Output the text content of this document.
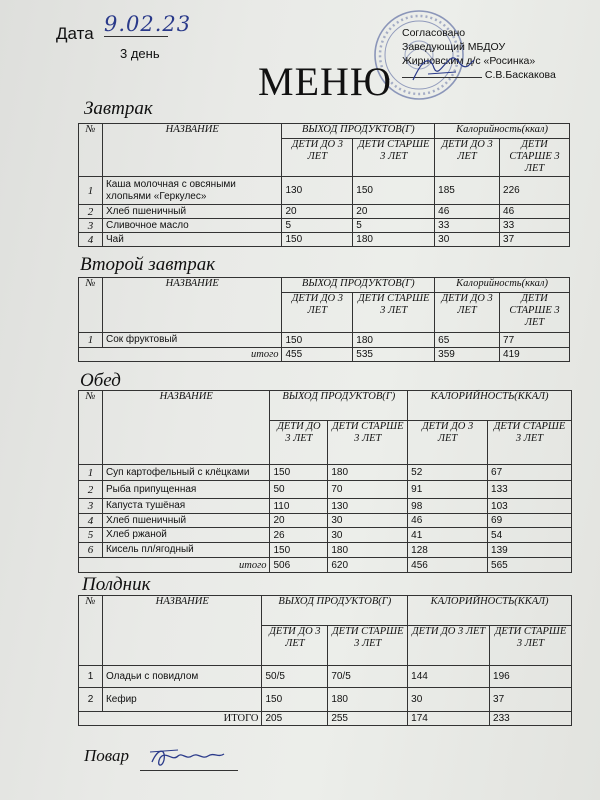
Дата 9.02.23
3 день
Согласовано
Заведующий МБДОУ
Жирновским д/с «Росинка»
С.В.Баскакова
МЕНЮ
Завтрак
№	НАЗВАНИЕ	ВЫХОД ПРОДУКТОВ(Г)		Калорийность(ккал)	
		ДЕТИ ДО 3 ЛЕТ	ДЕТИ СТАРШЕ 3 ЛЕТ	ДЕТИ ДО 3 ЛЕТ	ДЕТИ СТАРШЕ 3 ЛЕТ
1	Каша молочная с овсяными хлопьями «Геркулес»	130	150	185	226
2	Хлеб пшеничный	20	20	46	46
3	Сливочное масло	5	5	33	33
4	Чай	150	180	30	37
Второй завтрак
№	НАЗВАНИЕ	ВЫХОД ПРОДУКТОВ(Г)		Калорийность(ккал)	
		ДЕТИ ДО 3 ЛЕТ	ДЕТИ СТАРШЕ 3 ЛЕТ	ДЕТИ ДО 3 ЛЕТ	ДЕТИ СТАРШЕ 3 ЛЕТ
1	Сок фруктовый	150	180	65	77
итого		455	535	359	419
Обед
№	НАЗВАНИЕ	ВЫХОД ПРОДУКТОВ(Г)		КАЛОРИЙНОСТЬ(ККАЛ)	
		ДЕТИ ДО 3 ЛЕТ	ДЕТИ СТАРШЕ 3 ЛЕТ	ДЕТИ ДО 3 ЛЕТ	ДЕТИ СТАРШЕ 3 ЛЕТ
1	Суп картофельный с клёцками	150	180	52	67
2	Рыба припущенная	50	70	91	133
3	Капуста тушёная	110	130	98	103
4	Хлеб пшеничный	20	30	46	69
5	Хлеб ржаной	26	30	41	54
6	Кисель пл/ягодный	150	180	128	139
итого		506	620	456	565
Полдник
№	НАЗВАНИЕ	ВЫХОД ПРОДУКТОВ(Г)		КАЛОРИЙНОСТЬ(ККАЛ)	
		ДЕТИ ДО 3 ЛЕТ	ДЕТИ СТАРШЕ 3 ЛЕТ	ДЕТИ ДО 3 ЛЕТ	ДЕТИ СТАРШЕ 3 ЛЕТ
1	Оладьи с повидлом	50/5	70/5	144	196
2	Кефир	150	180	30	37
ИТОГО		205	255	174	233
Повар
